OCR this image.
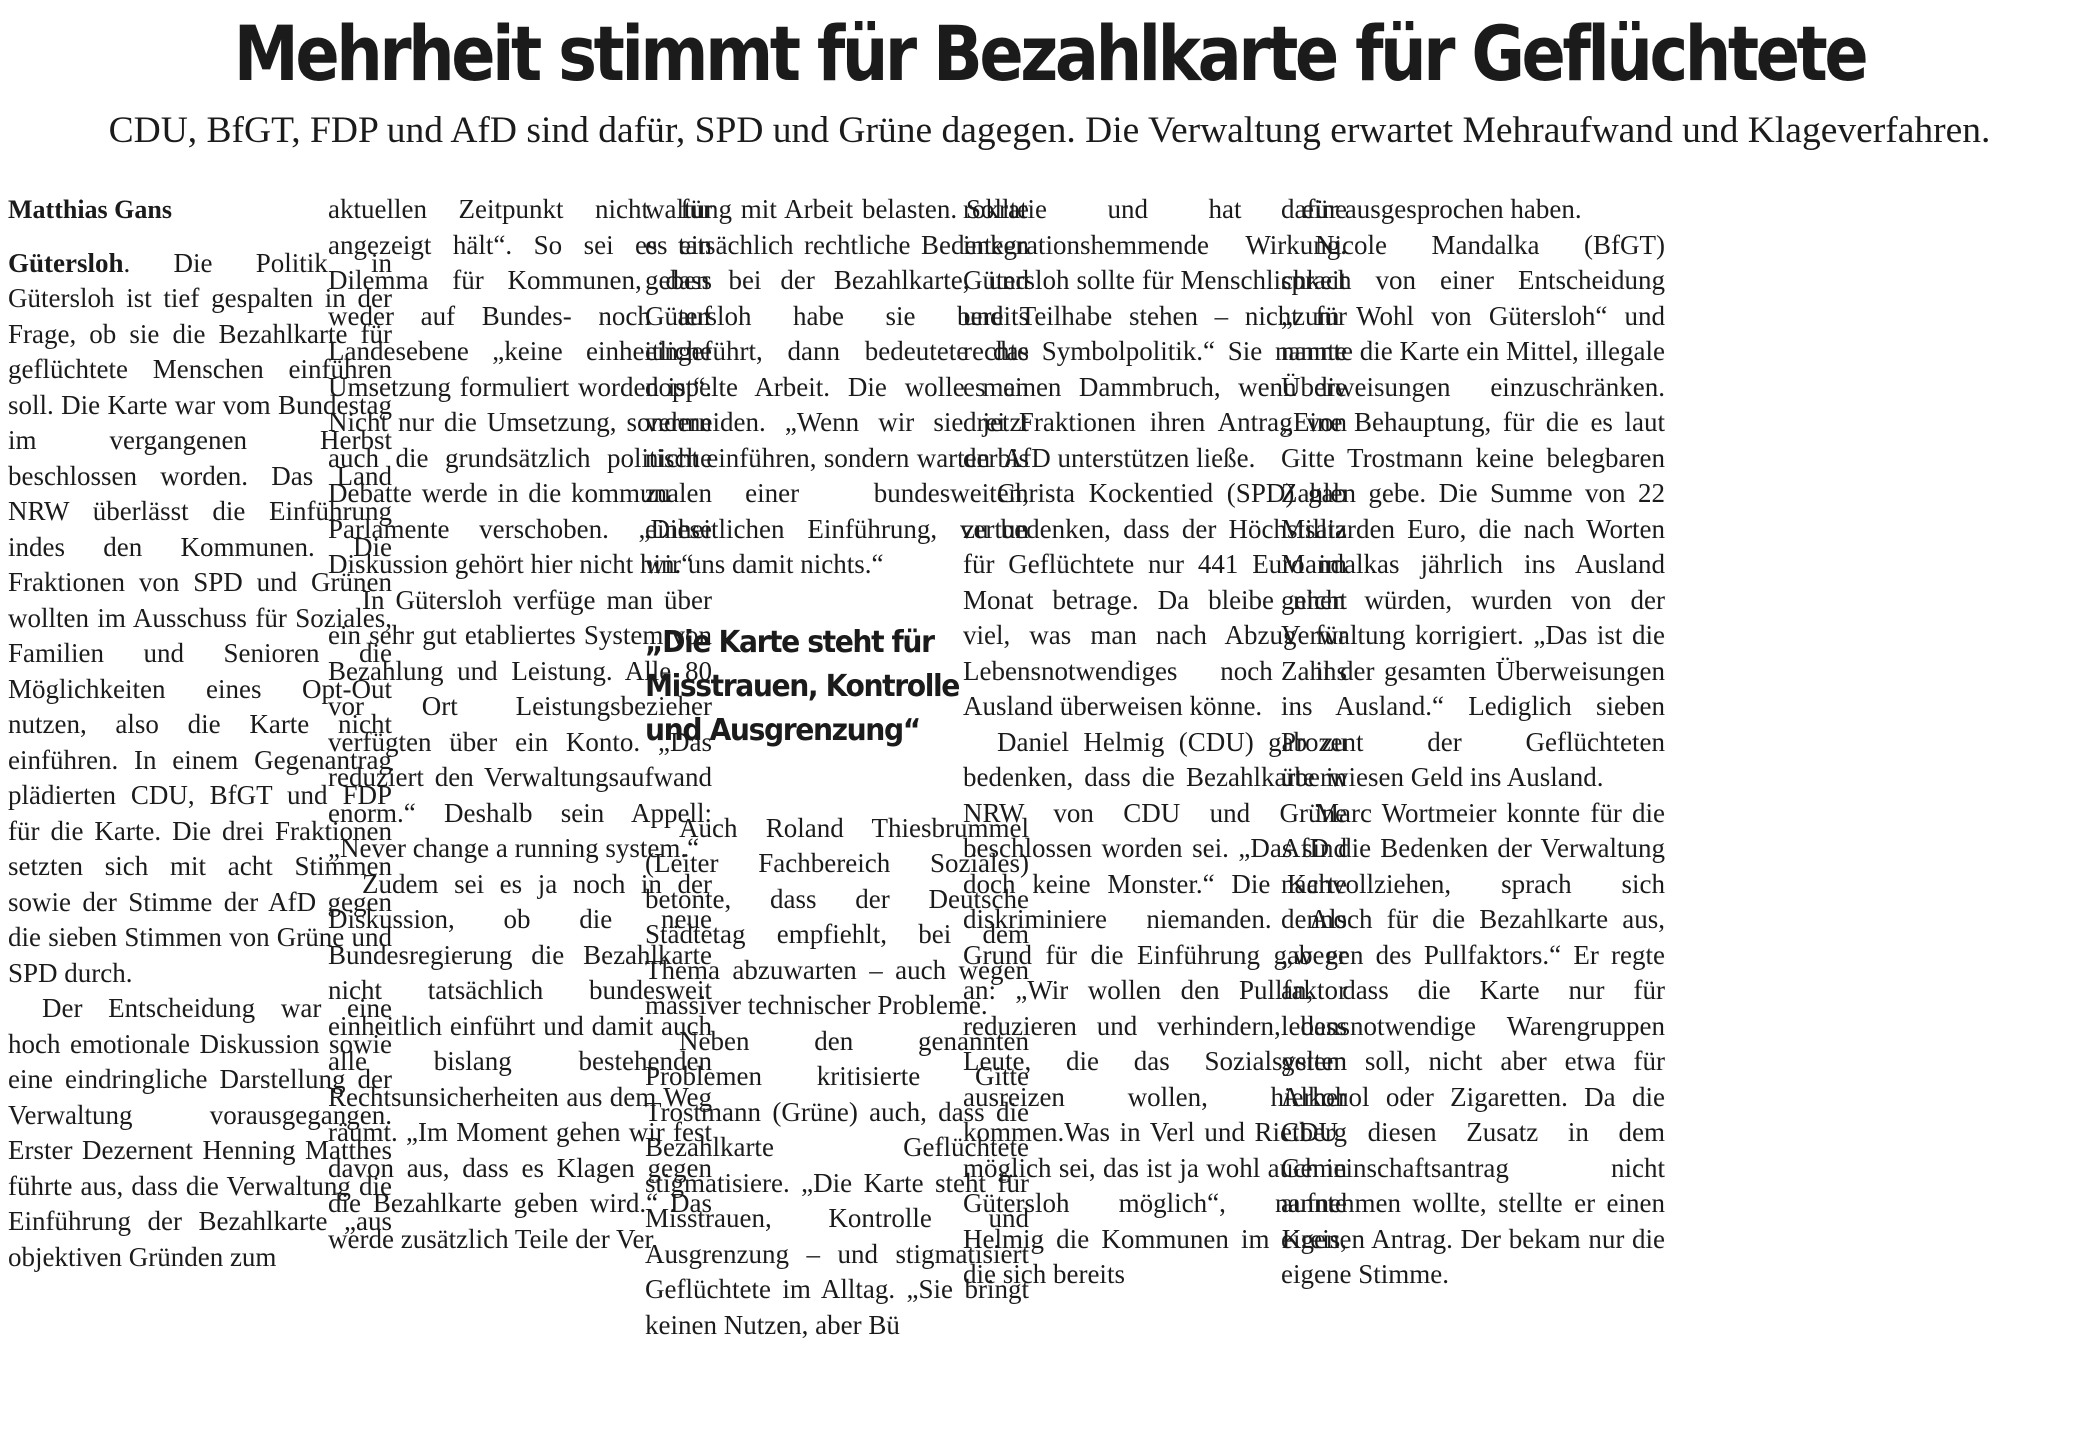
Mehrheit stimmt für Bezahlkarte für Geflüchtete
CDU, BfGT, FDP und AfD sind dafür, SPD und Grüne dagegen. Die Verwaltung erwartet Mehraufwand und Klageverfahren.

Matthias Gans

Gütersloh. Die Politik in Gütersloh ist tief gespalten in der Frage, ob sie die Bezahlkarte für geflüchtete Menschen einführen soll. Die Karte war vom Bundestag im vergangenen Herbst beschlossen worden. Das Land NRW überlässt die Einführung indes den Kommunen. Die Fraktionen von SPD und Grünen wollten im Ausschuss für Soziales, Familien und Senioren die Möglichkeiten eines Opt-Out nutzen, also die Karte nicht einführen. In einem Gegenantrag plädierten CDU, BfGT und FDP für die Karte. Die drei Fraktionen setzten sich mit acht Stimmen sowie der Stimme der AfD gegen die sieben Stimmen von Grüne und SPD durch.

Der Entscheidung war eine hoch emotionale Diskussion sowie eine eindringliche Darstellung der Verwaltung vorausgegangen. Erster Dezernent Henning Matthes führte aus, dass die Verwaltung die Einführung der Bezahlkarte „aus objektiven Gründen zum

aktuellen Zeitpunkt nicht für angezeigt hält“. So sei es ein Dilemma für Kommunen, dass weder auf Bundes- noch auf Landesebene „keine einheitliche Umsetzung formuliert worden ist“. Nicht nur die Umsetzung, sondern auch die grundsätzlich politische Debatte werde in die kommunalen Parlamente verschoben. „Diese Diskussion gehört hier nicht hin.“

In Gütersloh verfüge man über ein sehr gut etabliertes System von Bezahlung und Leistung. Alle 80 vor Ort Leistungsbezieher verfügten über ein Konto. „Das reduziert den Verwaltungsaufwand enorm.“ Deshalb sein Appell: „Never change a running system.“

Zudem sei es ja noch in der Diskussion, ob die neue Bundesregierung die Bezahlkarte nicht tatsächlich bundesweit einheitlich einführt und damit auch alle bislang bestehenden Rechtsunsicherheiten aus dem Weg räumt. „Im Moment gehen wir fest davon aus, dass es Klagen gegen die Bezahlkarte geben wird.“ Das werde zusätzlich Teile der Ver

waltung mit Arbeit belasten. Sollte es tatsächlich rechtliche Bedenken geben bei der Bezahlkarte, und Gütersloh habe sie bereits eingeführt, dann bedeutete das doppelte Arbeit. Die wolle man vermeiden. „Wenn wir sie jetzt nicht einführen, sondern warten bis zu einer bundesweiten, einheitlichen Einführung, vertun wir uns damit nichts.“

„Die Karte steht für Misstrauen, Kontrolle und Ausgrenzung“

Auch Roland Thiesbrummel (Leiter Fachbereich Soziales) betonte, dass der Deutsche Städtetag empfiehlt, bei dem Thema abzuwarten – auch wegen massiver technischer Probleme.

Neben den genannten Problemen kritisierte Gitte Trostmann (Grüne) auch, dass die Bezahlkarte Geflüchtete stigmatisiere. „Die Karte steht für Misstrauen, Kontrolle und Ausgrenzung – und stigmatisiert Geflüchtete im Alltag. „Sie bringt keinen Nutzen, aber Bü

rokratie und hat eine integrationshemmende Wirkung. Gütersloh sollte für Menschlichkeit und Teilhabe stehen – nicht für rechte Symbolpolitik.“ Sie nannte es einen Dammbruch, wenn die drei Fraktionen ihren Antrag von der AfD unterstützen ließe.

Christa Kockentied (SPD) gab zu bedenken, dass der Höchstsatz für Geflüchtete nur 441 Euro im Monat betrage. Da bleibe nicht viel, was man nach Abzug für Lebensnotwendiges noch ins Ausland überweisen könne.

Daniel Helmig (CDU) gab zu bedenken, dass die Bezahlkarte in NRW von CDU und Grüne beschlossen worden sei. „Das sind doch keine Monster.“ Die Karte diskriminiere niemanden. Als Grund für die Einführung gab er an: „Wir wollen den Pullfaktor reduzieren und verhindern, dass Leute, die das Sozialsystem ausreizen wollen, hierher kommen.Was in Verl und Rietberg möglich sei, das ist ja wohl auch in Gütersloh möglich“, nannte Helmig die Kommunen im Kreis, die sich bereits

dafür ausgesprochen haben.

Nicole Mandalka (BfGT) sprach von einer Entscheidung „zum Wohl von Gütersloh“ und nannte die Karte ein Mittel, illegale Überweisungen einzuschränken. „Eine Behauptung, für die es laut Gitte Trostmann keine belegbaren Zahlen gebe. Die Summe von 22 Milliarden Euro, die nach Worten Mandalkas jährlich ins Ausland gehen würden, wurden von der Verwaltung korrigiert. „Das ist die Zahl der gesamten Überweisungen ins Ausland.“ Lediglich sieben Prozent der Geflüchteten überwiesen Geld ins Ausland.

Marc Wortmeier konnte für die AfD die Bedenken der Verwaltung nachvollziehen, sprach sich dennoch für die Bezahlkarte aus, „wegen des Pullfaktors.“ Er regte an, dass die Karte nur für lebensnotwendige Warengruppen gelten soll, nicht aber etwa für Alkohol oder Zigaretten. Da die CDU diesen Zusatz in dem Gemeinschaftsantrag nicht aufnehmen wollte, stellte er einen eigenen Antrag. Der bekam nur die eigene Stimme.
